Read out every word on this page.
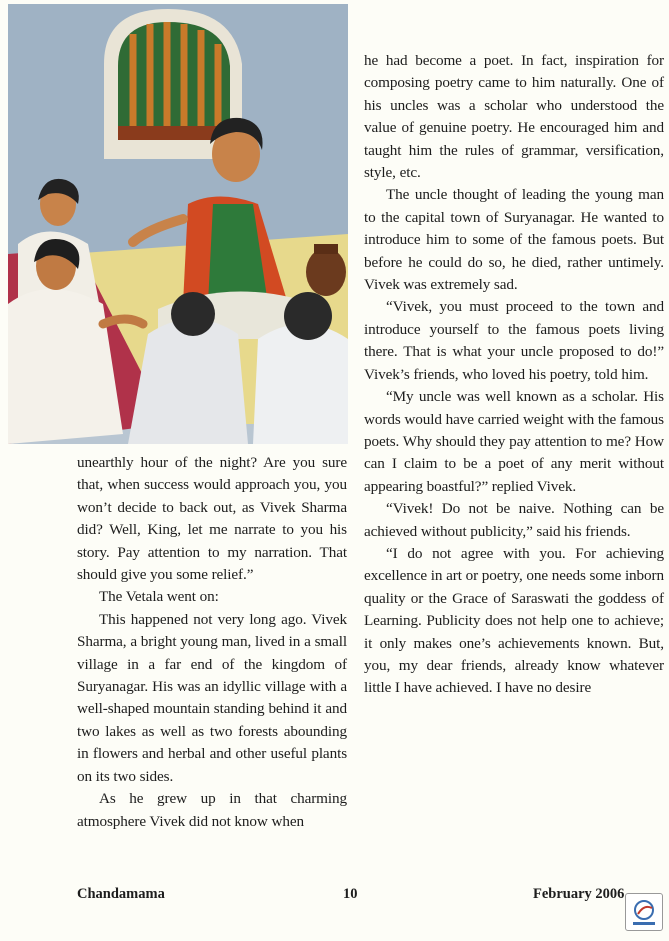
he had become a poet. In fact, inspiration for composing poetry came to him naturally. One of his uncles was a scholar who understood the value of genuine poetry. He encouraged him and taught him the rules of grammar, versification, style, etc.

The uncle thought of leading the young man to the capital town of Suryanagar. He wanted to introduce him to some of the famous poets. But before he could do so, he died, rather untimely. Vivek was extremely sad.

“Vivek, you must proceed to the town and introduce yourself to the famous poets living there. That is what your uncle proposed to do!” Vivek’s friends, who loved his poetry, told him.

“My uncle was well known as a scholar. His words would have carried weight with the famous poets. Why should they pay attention to me? How can I claim to be a poet of any merit without appearing boastful?” replied Vivek.

“Vivek! Do not be naive. Nothing can be achieved without publicity,” said his friends.

“I do not agree with you. For achieving excellence in art or poetry, one needs some inborn quality or the Grace of Saraswati the goddess of Learning. Publicity does not help one to achieve; it only makes one’s achievements known. But, you, my dear friends, already know whatever little I have achieved. I have no desire

unearthly hour of the night? Are you sure that, when success would approach you, you won’t decide to back out, as Vivek Sharma did? Well, King, let me narrate to you his story. Pay attention to my narration. That should give you some relief.”

The Vetala went on:

This happened not very long ago. Vivek Sharma, a bright young man, lived in a small village in a far end of the kingdom of Suryanagar. His was an idyllic village with a well-shaped mountain standing behind it and two lakes as well as two forests abounding in flowers and herbal and other useful plants on its two sides.

As he grew up in that charming atmosphere Vivek did not know when

Chandamama	10	February 2006
